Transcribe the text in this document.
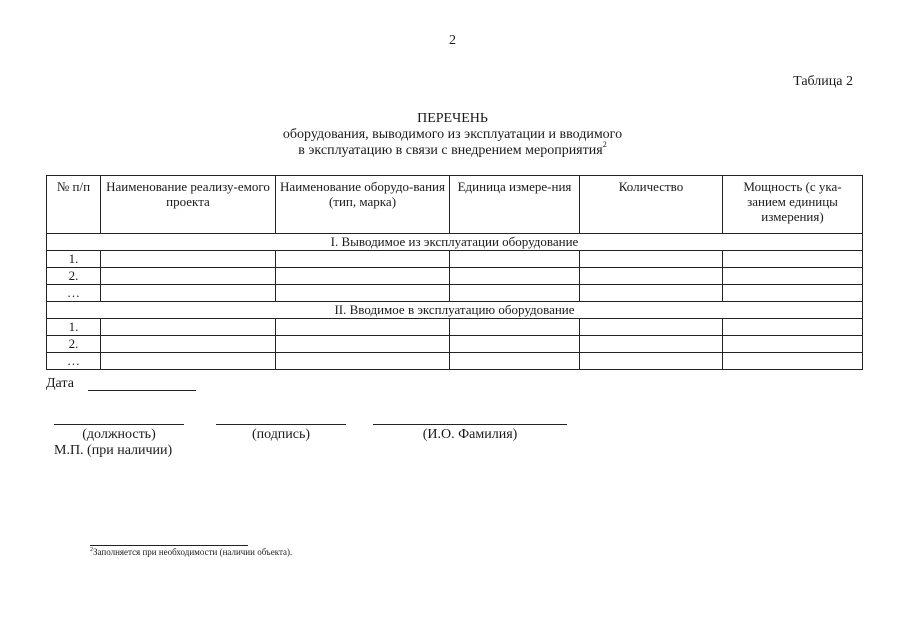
2
Таблица 2
ПЕРЕЧЕНЬ
оборудования, выводимого из эксплуатации и вводимого
в эксплуатацию в связи с внедрением мероприятия$^2$
№ п/п	Наименование реализу-емого проекта	Наименование оборудо-вания (тип, марка)	Единица измере-ния	Количество	Мощность (с ука-занием единицы измерения)
I. Выводимое из эксплуатации оборудование					
1.					
2.					
…					
II. Вводимое в эксплуатацию оборудование					
1.					
2.					
…					
Дата
(должность)	(подпись)	(И.О. Фамилия)
М.П. (при наличии)
$^2$Заполняется при необходимости (наличии объекта).
